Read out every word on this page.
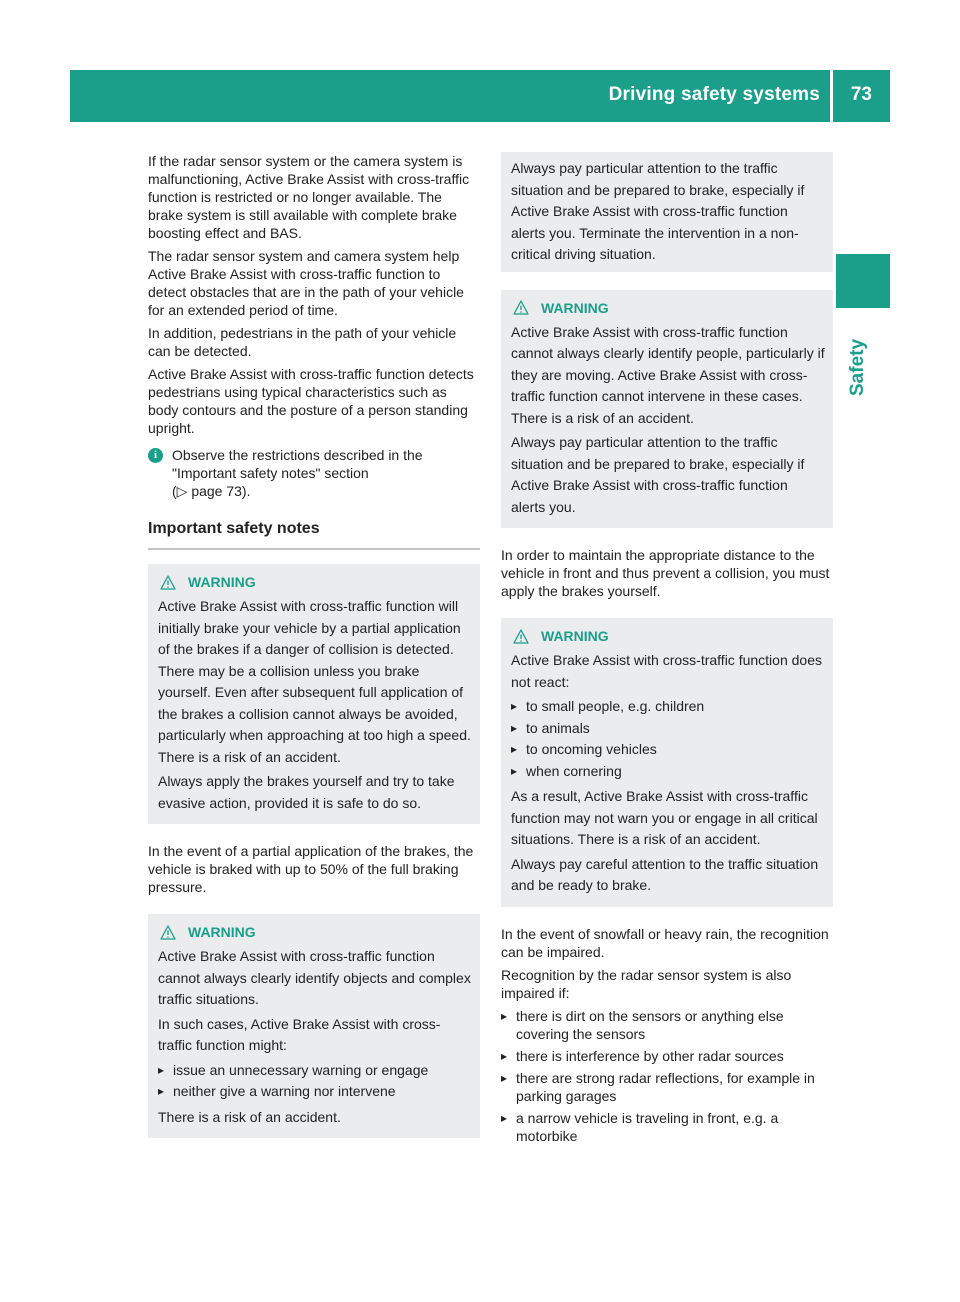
Driving safety systems 73
Safety

If the radar sensor system or the camera system is malfunctioning, Active Brake Assist with cross-traffic function is restricted or no longer available. The brake system is still available with complete brake boosting effect and BAS.

The radar sensor system and camera system help Active Brake Assist with cross-traffic function to detect obstacles that are in the path of your vehicle for an extended period of time.

In addition, pedestrians in the path of your vehicle can be detected.

Active Brake Assist with cross-traffic function detects pedestrians using typical characteristics such as body contours and the posture of a person standing upright.

i	Observe the restrictions described in the "Important safety notes" section
(▷ page 73).
Important safety notes
WARNING

Active Brake Assist with cross-traffic function will initially brake your vehicle by a partial application of the brakes if a danger of collision is detected. There may be a collision unless you brake yourself. Even after subsequent full application of the brakes a collision cannot always be avoided, particularly when approaching at too high a speed. There is a risk of an accident.

Always apply the brakes yourself and try to take evasive action, provided it is safe to do so.

In the event of a partial application of the brakes, the vehicle is braked with up to 50% of the full braking pressure.

WARNING

Active Brake Assist with cross-traffic function cannot always clearly identify objects and complex traffic situations.

In such cases, Active Brake Assist with cross-traffic function might:

▸ issue an unnecessary warning or engage
▸ neither give a warning nor intervene

There is a risk of an accident.

Always pay particular attention to the traffic situation and be prepared to brake, especially if Active Brake Assist with cross-traffic function alerts you. Terminate the intervention in a non-critical driving situation.

WARNING

Active Brake Assist with cross-traffic function cannot always clearly identify people, particularly if they are moving. Active Brake Assist with cross-traffic function cannot intervene in these cases. There is a risk of an accident.

Always pay particular attention to the traffic situation and be prepared to brake, especially if Active Brake Assist with cross-traffic function alerts you.

In order to maintain the appropriate distance to the vehicle in front and thus prevent a collision, you must apply the brakes yourself.

WARNING

Active Brake Assist with cross-traffic function does not react:

▸ to small people, e.g. children
▸ to animals
▸ to oncoming vehicles
▸ when cornering

As a result, Active Brake Assist with cross-traffic function may not warn you or engage in all critical situations. There is a risk of an accident.

Always pay careful attention to the traffic situation and be ready to brake.

In the event of snowfall or heavy rain, the recognition can be impaired.

Recognition by the radar sensor system is also impaired if:

▸ there is dirt on the sensors or anything else covering the sensors
▸ there is interference by other radar sources
▸ there are strong radar reflections, for example in parking garages
▸ a narrow vehicle is traveling in front, e.g. a motorbike
